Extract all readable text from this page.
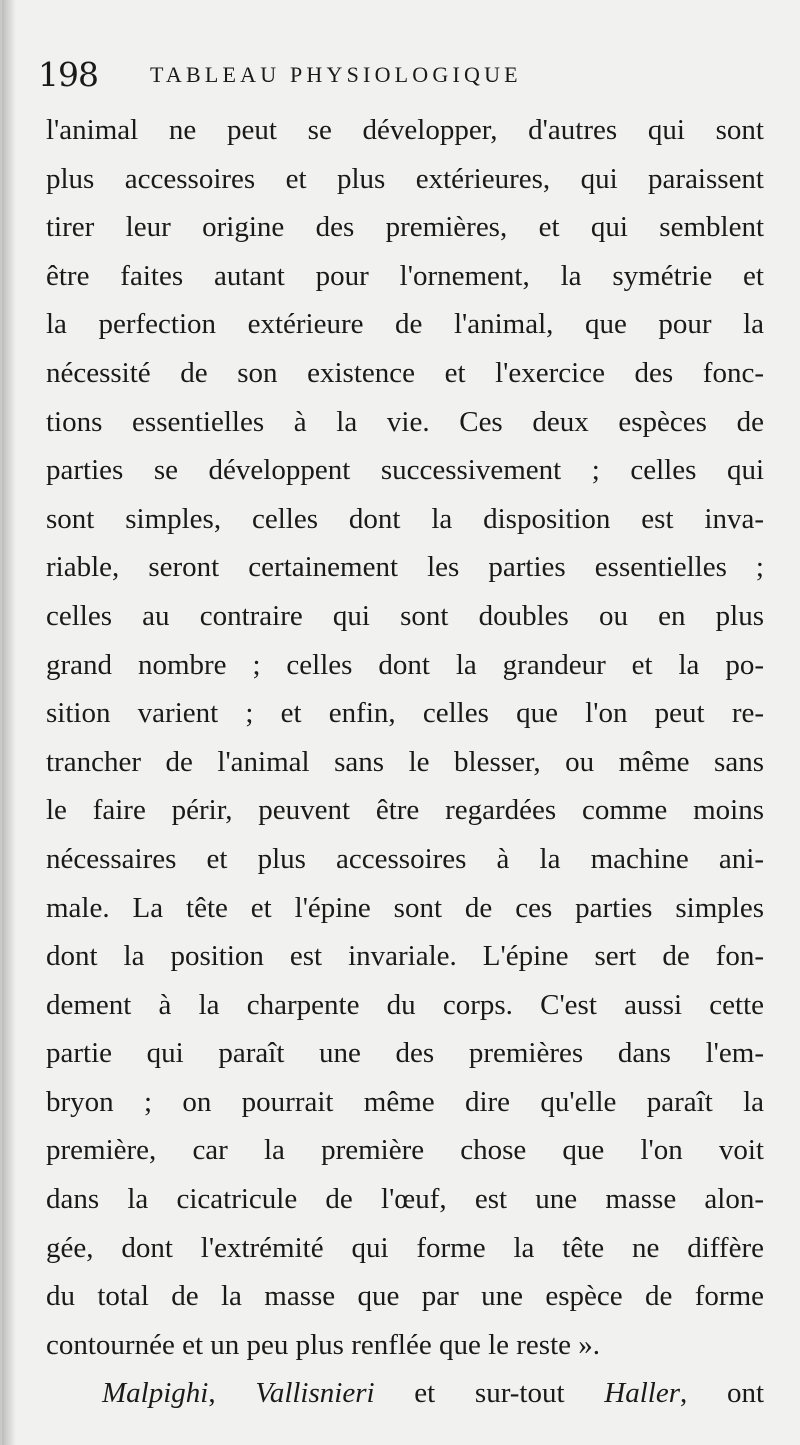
198 TABLEAU PHYSIOLOGIQUE
l'animal ne peut se développer, d'autres qui sont
plus accessoires et plus extérieures, qui paraissent
tirer leur origine des premières, et qui semblent
être faites autant pour l'ornement, la symétrie et
la perfection extérieure de l'animal, que pour la
nécessité de son existence et l'exercice des fonc-
tions essentielles à la vie. Ces deux espèces de
parties se développent successivement ; celles qui
sont simples, celles dont la disposition est inva-
riable, seront certainement les parties essentielles ;
celles au contraire qui sont doubles ou en plus
grand nombre ; celles dont la grandeur et la po-
sition varient ; et enfin, celles que l'on peut re-
trancher de l'animal sans le blesser, ou même sans
le faire périr, peuvent être regardées comme moins
nécessaires et plus accessoires à la machine ani-
male. La tête et l'épine sont de ces parties simples
dont la position est invariale. L'épine sert de fon-
dement à la charpente du corps. C'est aussi cette
partie qui paraît une des premières dans l'em-
bryon ; on pourrait même dire qu'elle paraît la
première, car la première chose que l'on voit
dans la cicatricule de l'œuf, est une masse alon-
gée, dont l'extrémité qui forme la tête ne diffère
du total de la masse que par une espèce de forme
contournée et un peu plus renflée que le reste ».
Malpighi, Vallisnieri et sur-tout Haller, ont
